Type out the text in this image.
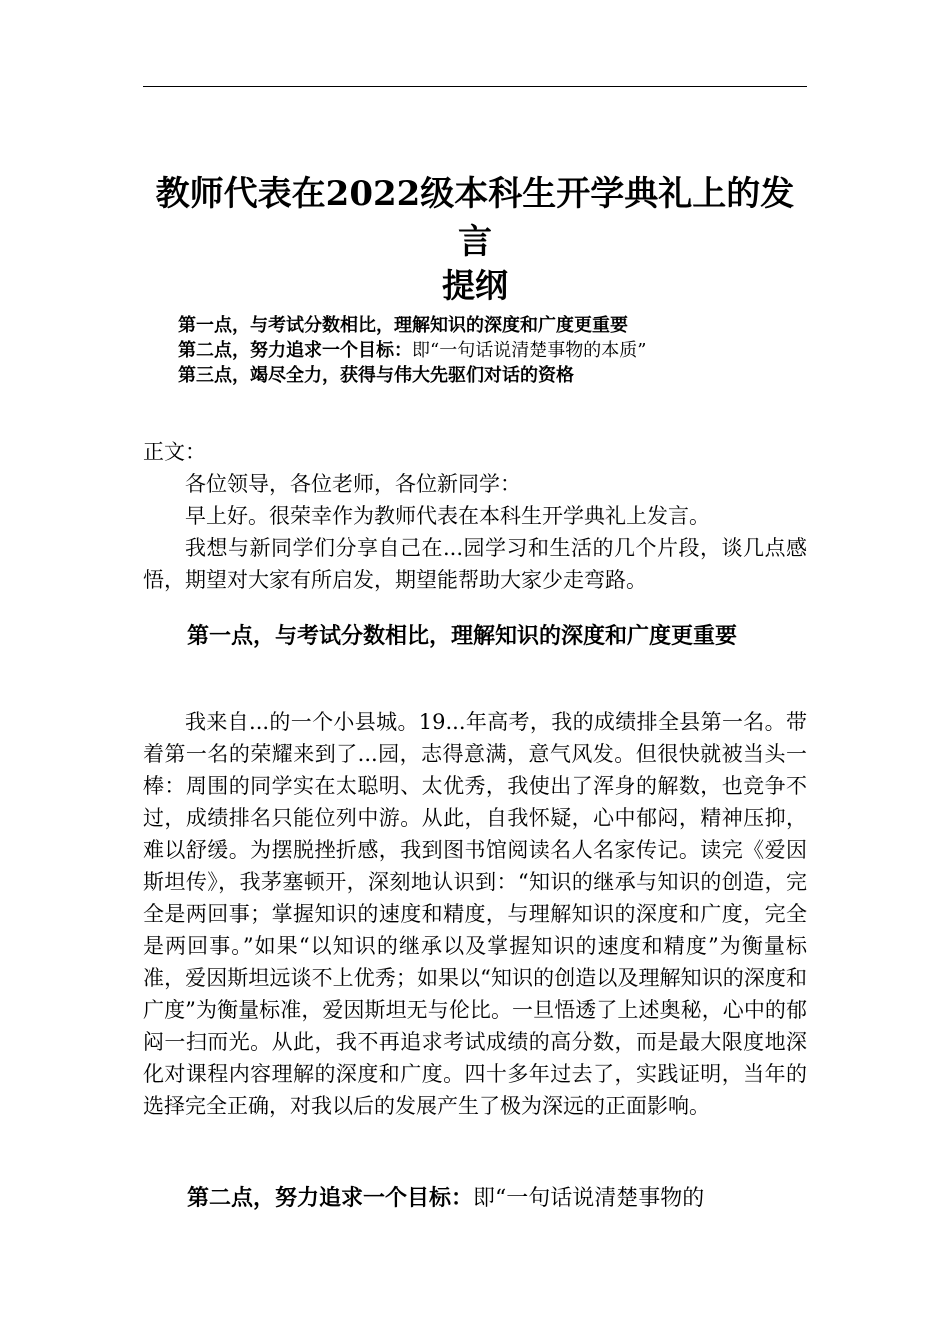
教师代表在2022级本科生开学典礼上的发言
提纲
第一点，与考试分数相比，理解知识的深度和广度更重要
第二点，努力追求一个目标：即“一句话说清楚事物的本质”
第三点，竭尽全力，获得与伟大先驱们对话的资格

正文：

各位领导，各位老师，各位新同学：

早上好。很荣幸作为教师代表在本科生开学典礼上发言。

我想与新同学们分享自己在...园学习和生活的几个片段，谈几点感悟，期望对大家有所启发，期望能帮助大家少走弯路。

第一点，与考试分数相比，理解知识的深度和广度更重要

我来自...的一个小县城。19...年高考，我的成绩排全县第一名。带着第一名的荣耀来到了...园，志得意满，意气风发。但很快就被当头一棒：周围的同学实在太聪明、太优秀，我使出了浑身的解数，也竞争不过，成绩排名只能位列中游。从此，自我怀疑，心中郁闷，精神压抑，难以舒缓。为摆脱挫折感，我到图书馆阅读名人名家传记。读完《爱因斯坦传》，我茅塞顿开，深刻地认识到：“知识的继承与知识的创造，完全是两回事；掌握知识的速度和精度，与理解知识的深度和广度，完全是两回事。”如果“以知识的继承以及掌握知识的速度和精度”为衡量标准，爱因斯坦远谈不上优秀；如果以“知识的创造以及理解知识的深度和广度”为衡量标准，爱因斯坦无与伦比。一旦悟透了上述奥秘，心中的郁闷一扫而光。从此，我不再追求考试成绩的高分数，而是最大限度地深化对课程内容理解的深度和广度。四十多年过去了，实践证明，当年的选择完全正确，对我以后的发展产生了极为深远的正面影响。

第二点，努力追求一个目标：即“一句话说清楚事物的
